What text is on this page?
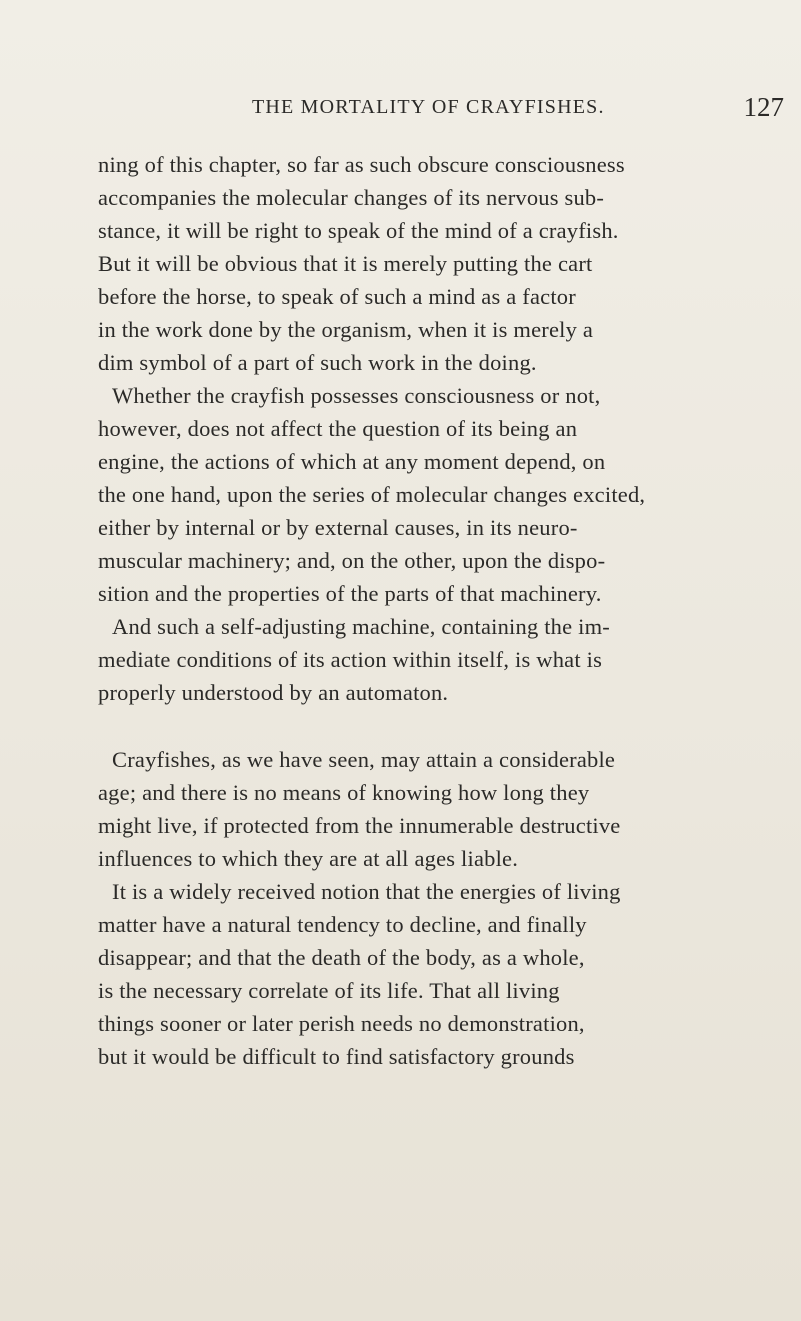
THE MORTALITY OF CRAYFISHES.	127
ning of this chapter, so far as such obscure consciousness
accompanies the molecular changes of its nervous sub-
stance, it will be right to speak of the mind of a crayfish.
But it will be obvious that it is merely putting the cart
before the horse, to speak of such a mind as a factor
in the work done by the organism, when it is merely a
dim symbol of a part of such work in the doing.
Whether the crayfish possesses consciousness or not,
however, does not affect the question of its being an
engine, the actions of which at any moment depend, on
the one hand, upon the series of molecular changes excited,
either by internal or by external causes, in its neuro-
muscular machinery; and, on the other, upon the dispo-
sition and the properties of the parts of that machinery.
And such a self-adjusting machine, containing the im-
mediate conditions of its action within itself, is what is
properly understood by an automaton.
Crayfishes, as we have seen, may attain a considerable
age; and there is no means of knowing how long they
might live, if protected from the innumerable destructive
influences to which they are at all ages liable.
It is a widely received notion that the energies of living
matter have a natural tendency to decline, and finally
disappear; and that the death of the body, as a whole,
is the necessary correlate of its life. That all living
things sooner or later perish needs no demonstration,
but it would be difficult to find satisfactory grounds
